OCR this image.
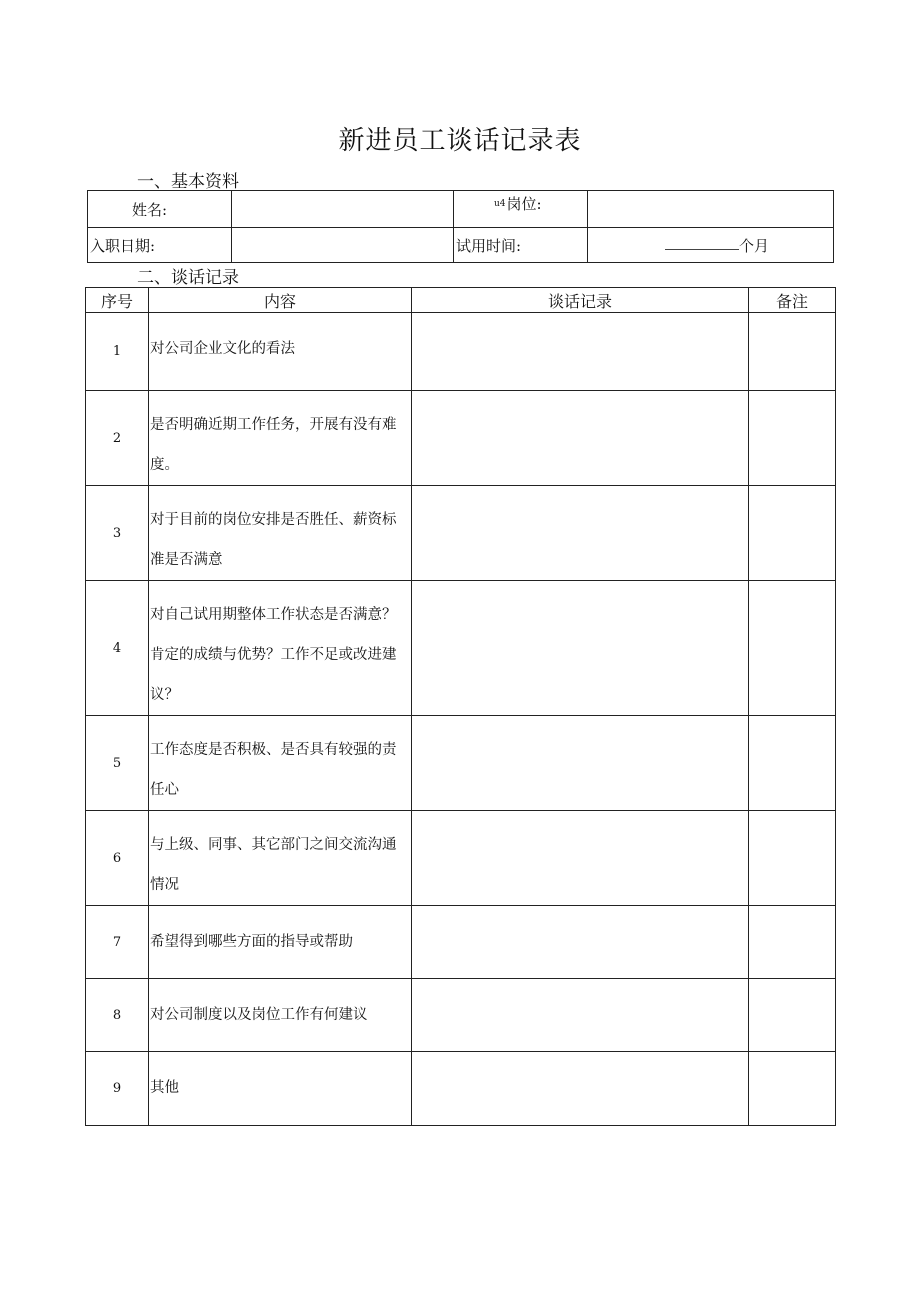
新进员工谈话记录表
一、基本资料
姓名:		$^{u4}$岗位:	
入职日期:		试用时间:	个月
二、谈话记录
序号	内容	谈话记录	备注
1	对公司企业文化的看法		
2	是否明确近期工作任务，开展有没有难度。		
3	对于目前的岗位安排是否胜任、薪资标准是否满意		
4	对自己试用期整体工作状态是否满意？肯定的成绩与优势？工作不足或改进建议？		
5	工作态度是否积极、是否具有较强的责任心		
6	与上级、同事、其它部门之间交流沟通情况		
7	希望得到哪些方面的指导或帮助		
8	对公司制度以及岗位工作有何建议		
9	其他		
